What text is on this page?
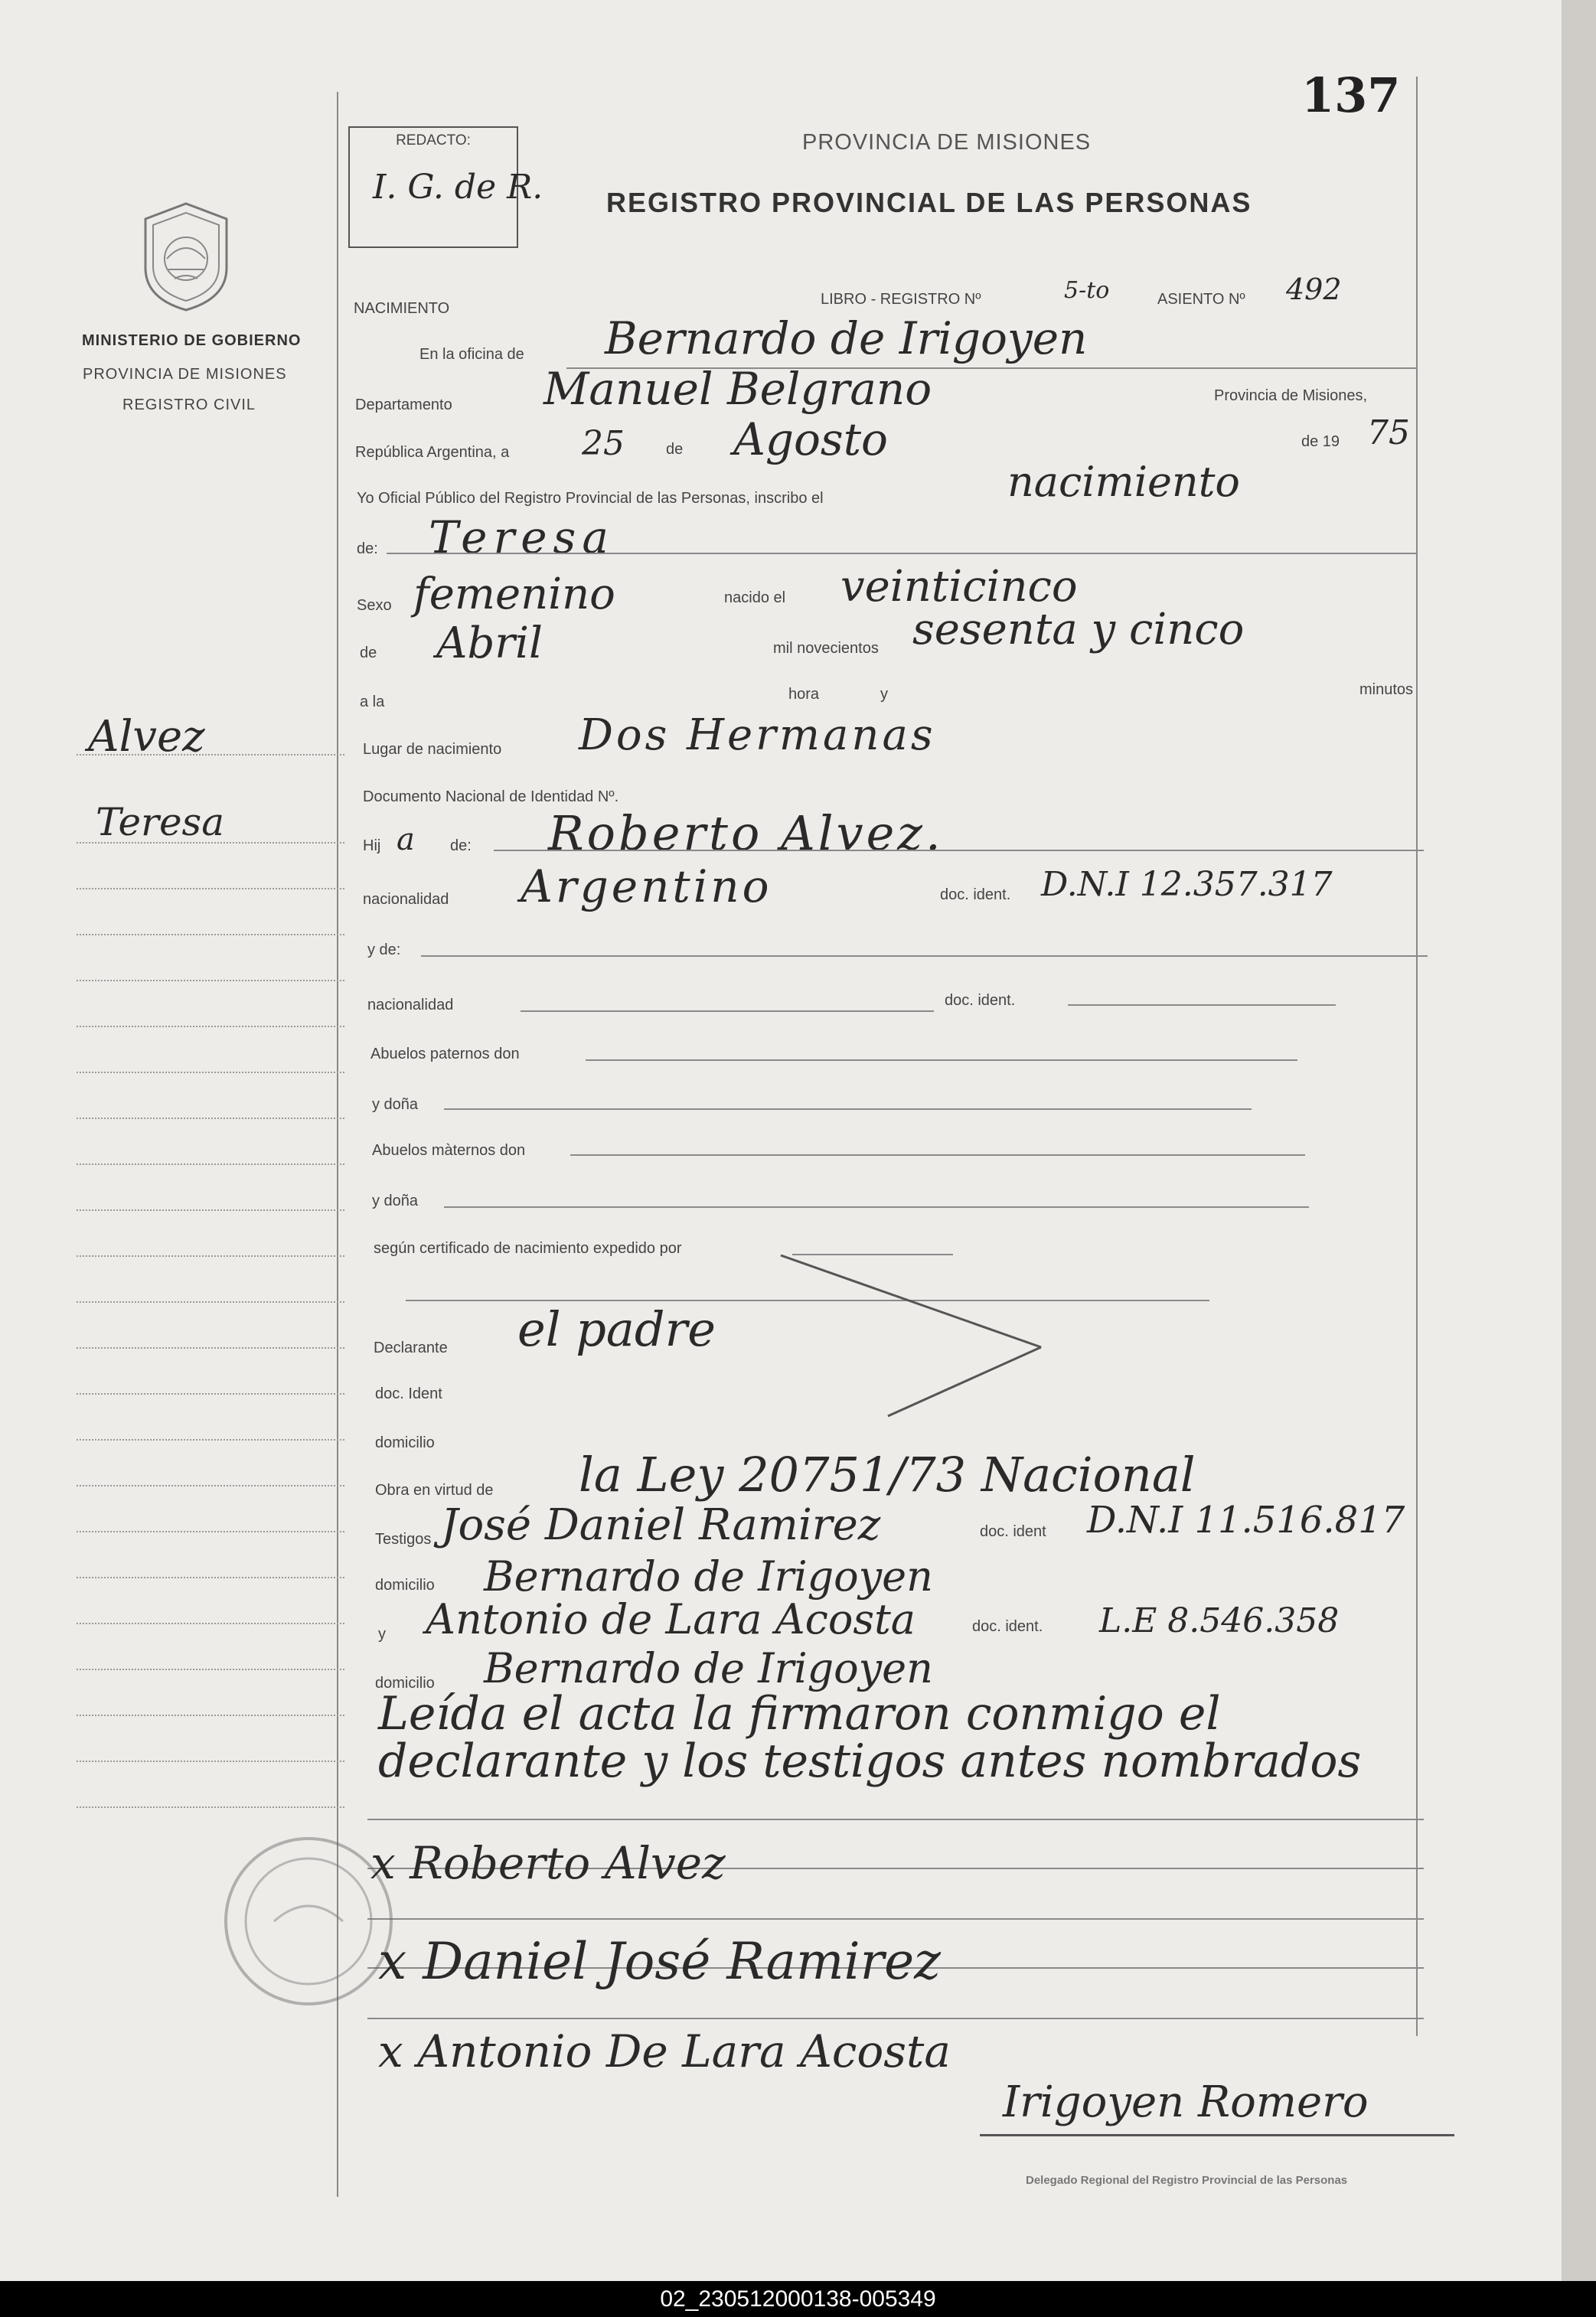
137
REDACTO:
I. G. de R.
PROVINCIA DE MISIONES
REGISTRO PROVINCIAL DE LAS PERSONAS
MINISTERIO DE GOBIERNO
PROVINCIA DE MISIONES
REGISTRO CIVIL
Alvez
Teresa
NACIMIENTO
LIBRO - REGISTRO Nº	5-to	ASIENTO Nº 492
En la oficina de Bernardo de Irigoyen
Departamento Manuel Belgrano	Provincia de Misiones,
República Argentina, a 25	de Agosto	de 19 75
Yo Oficial Público del Registro Provincial de las Personas, inscribo el	nacimiento
de: Teresa
Sexo femenino	nacido el veinticinco
de Abril	mil novecientos sesenta y cinco
a la	hora	y	minutos
Lugar de nacimiento Dos Hermanas
Documento Nacional de Identidad Nº.
Hij a de: Roberto Alvez.
nacionalidad Argentino	doc. ident. D.N.I 12.357.317
y de:
nacionalidad	doc. ident.
Abuelos paternos don
y doña
Abuelos màternos don
y doña
según certificado de nacimiento expedido por
Declarante el padre
doc. Ident
domicilio
Obra en virtud de la Ley 20751/73 Nacional
Testigos José Daniel Ramirez	doc. ident D.N.I 11.516.817
domicilio Bernardo de Irigoyen
y Antonio de Lara Acosta	doc. ident. L.E 8.546.358
domicilio Bernardo de Irigoyen
Leída el acta la firmaron conmigo el
declarante y los testigos antes nombrados
x Roberto Alvez
x Daniel José Ramirez
x Antonio De Lara Acosta
Irigoyen Romero
Delegado Regional del Registro Provincial de las Personas
02_230512000138-005349
